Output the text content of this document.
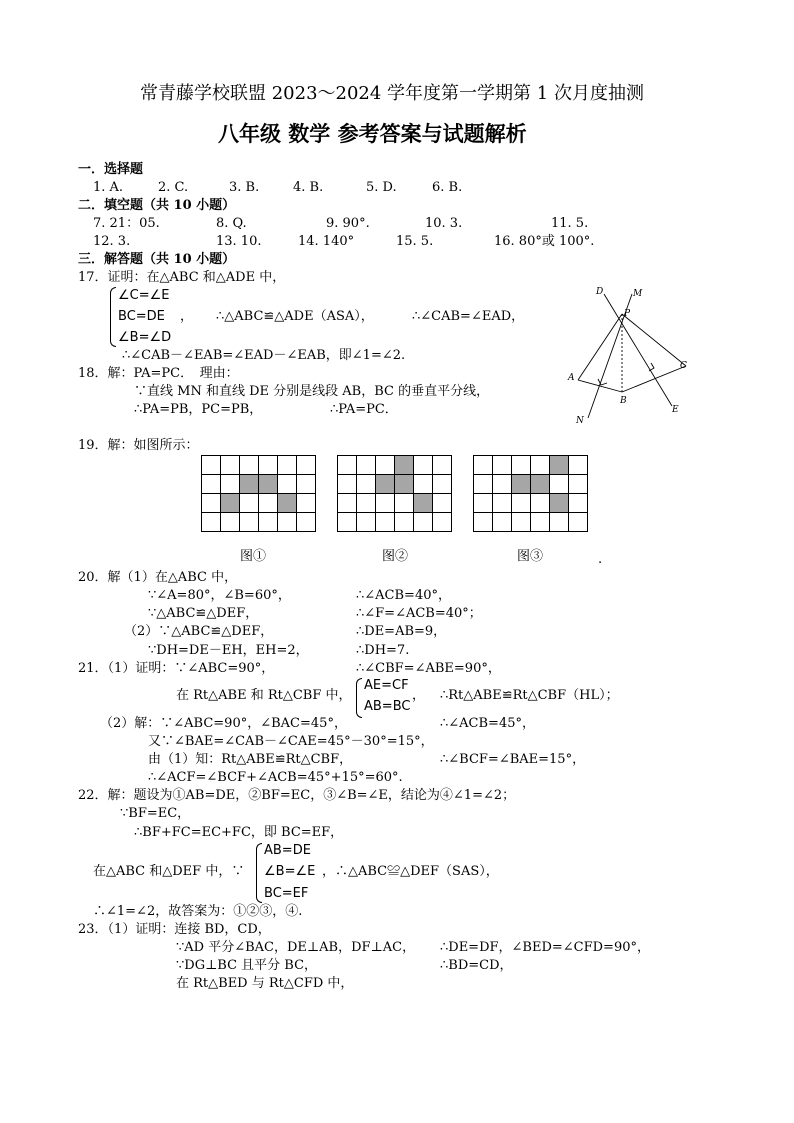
常青藤学校联盟 2023～2024 学年度第一学期第 1 次月度抽测
八年级 数学 参考答案与试题解析
一．选择题
1. A.	2. C.	3. B.	4. B.	5. D.	6. B.
二．填空题（共 10 小题）
7. 21：05.	8. Q.	9. 90°.	10. 3.	11. 5.
12. 3.	13. 10.	14. 140°	15. 5.	16. 80°或 100°.
三．解答题（共 10 小题）
17．证明：在△ABC 和△ADE 中，
∠C=∠E
BC=DE ，
∠B=∠D
∴△ABC≌△ADE（ASA），	∴∠CAB=∠EAD，
∴∠CAB－∠EAB=∠EAD－∠EAB，即∠1=∠2.
D	M
P
A
C
B
N
E
18．解：PA=PC．　理由：
∵直线 MN 和直线 DE 分别是线段 AB，BC 的垂直平分线，
∴PA=PB，PC=PB，	∴PA=PC．
19．解：如图所示：

图①	图②	图③	.
20．解（1）在△ABC 中，
∵∠A=80°，∠B=60°，	∴∠ACB=40°，
∵△ABC≌△DEF，	∴∠F=∠ACB=40°；
（2）∵△ABC≌△DEF，	∴DE=AB=9，
∵DH=DE－EH，EH=2，	∴DH=7.
21．（1）证明：∵∠ABC=90°，	∴∠CBF=∠ABE=90°，
在 Rt△ABE 和 Rt△CBF 中，
AE=CF
AB=BC
， ∴Rt△ABE≌Rt△CBF（HL）；
（2）解：∵∠ABC=90°，∠BAC=45°，	∴∠ACB=45°，
又∵∠BAE=∠CAB－∠CAE=45°－30°=15°，
由（1）知：Rt△ABE≌Rt△CBF，	∴∠BCF=∠BAE=15°，
∴∠ACF=∠BCF+∠ACB=45°+15°=60°.
22．解：题设为①AB=DE，②BF=EC，③∠B=∠E，结论为④∠1=∠2；
∵BF=EC，
∴BF+FC=EC+FC，即 BC=EF，
在△ABC 和△DEF 中，∵
AB=DE
∠B=∠E
BC=EF
，∴△ABC≌△DEF（SAS），
∴∠1=∠2，故答案为：①②③，④.
23．（1）证明：连接 BD，CD，
∵AD 平分∠BAC，DE⊥AB，DF⊥AC， ∴DE=DF，∠BED=∠CFD=90°，
∵DG⊥BC 且平分 BC，	∴BD=CD，
在 Rt△BED 与 Rt△CFD 中，
